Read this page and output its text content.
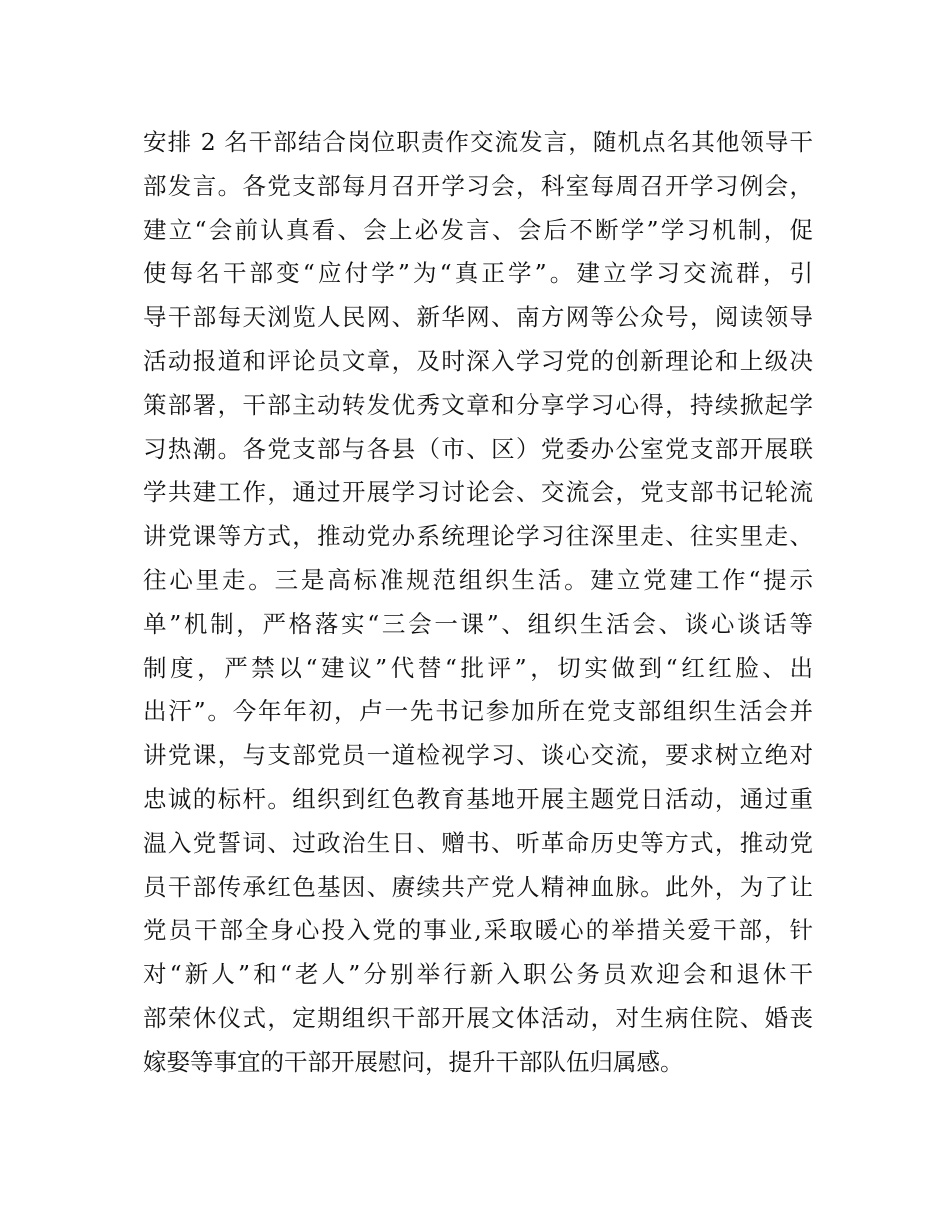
安排 2 名干部结合岗位职责作交流发言，随机点名其他领导干
部发言。各党支部每月召开学习会，科室每周召开学习例会，
建立“会前认真看、会上必发言、会后不断学”学习机制，促
使每名干部变“应付学”为“真正学”。建立学习交流群，引
导干部每天浏览人民网、新华网、南方网等公众号，阅读领导
活动报道和评论员文章，及时深入学习党的创新理论和上级决
策部署，干部主动转发优秀文章和分享学习心得，持续掀起学
习热潮。各党支部与各县（市、区）党委办公室党支部开展联
学共建工作，通过开展学习讨论会、交流会，党支部书记轮流
讲党课等方式，推动党办系统理论学习往深里走、往实里走、
往心里走。三是高标准规范组织生活。建立党建工作“提示
单”机制，严格落实“三会一课”、组织生活会、谈心谈话等
制度，严禁以“建议”代替“批评”，切实做到“红红脸、出
出汗”。今年年初，卢一先书记参加所在党支部组织生活会并
讲党课，与支部党员一道检视学习、谈心交流，要求树立绝对
忠诚的标杆。组织到红色教育基地开展主题党日活动，通过重
温入党誓词、过政治生日、赠书、听革命历史等方式，推动党
员干部传承红色基因、赓续共产党人精神血脉。此外，为了让
党员干部全身心投入党的事业,采取暖心的举措关爱干部，针
对“新人”和“老人”分别举行新入职公务员欢迎会和退休干
部荣休仪式，定期组织干部开展文体活动，对生病住院、婚丧
嫁娶等事宜的干部开展慰问，提升干部队伍归属感。
